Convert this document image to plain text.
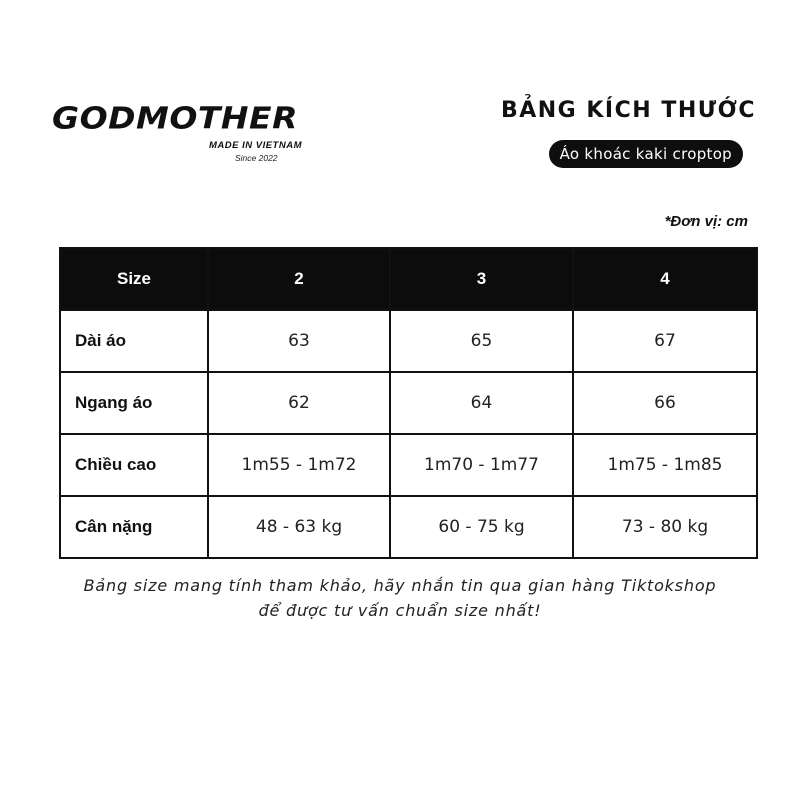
GODMOTHER
MADE IN VIETNAM
Since 2022
BẢNG KÍCH THƯỚC
Áo khoác kaki croptop
*Đơn vị: cm
Size	2	3	4
Dài áo	63	65	67
Ngang áo	62	64	66
Chiều cao	1m55 - 1m72	1m70 - 1m77	1m75 - 1m85
Cân nặng	48 - 63 kg	60 - 75 kg	73 - 80 kg
Bảng size mang tính tham khảo, hãy nhắn tin qua gian hàng Tiktokshop
để được tư vấn chuẩn size nhất!
